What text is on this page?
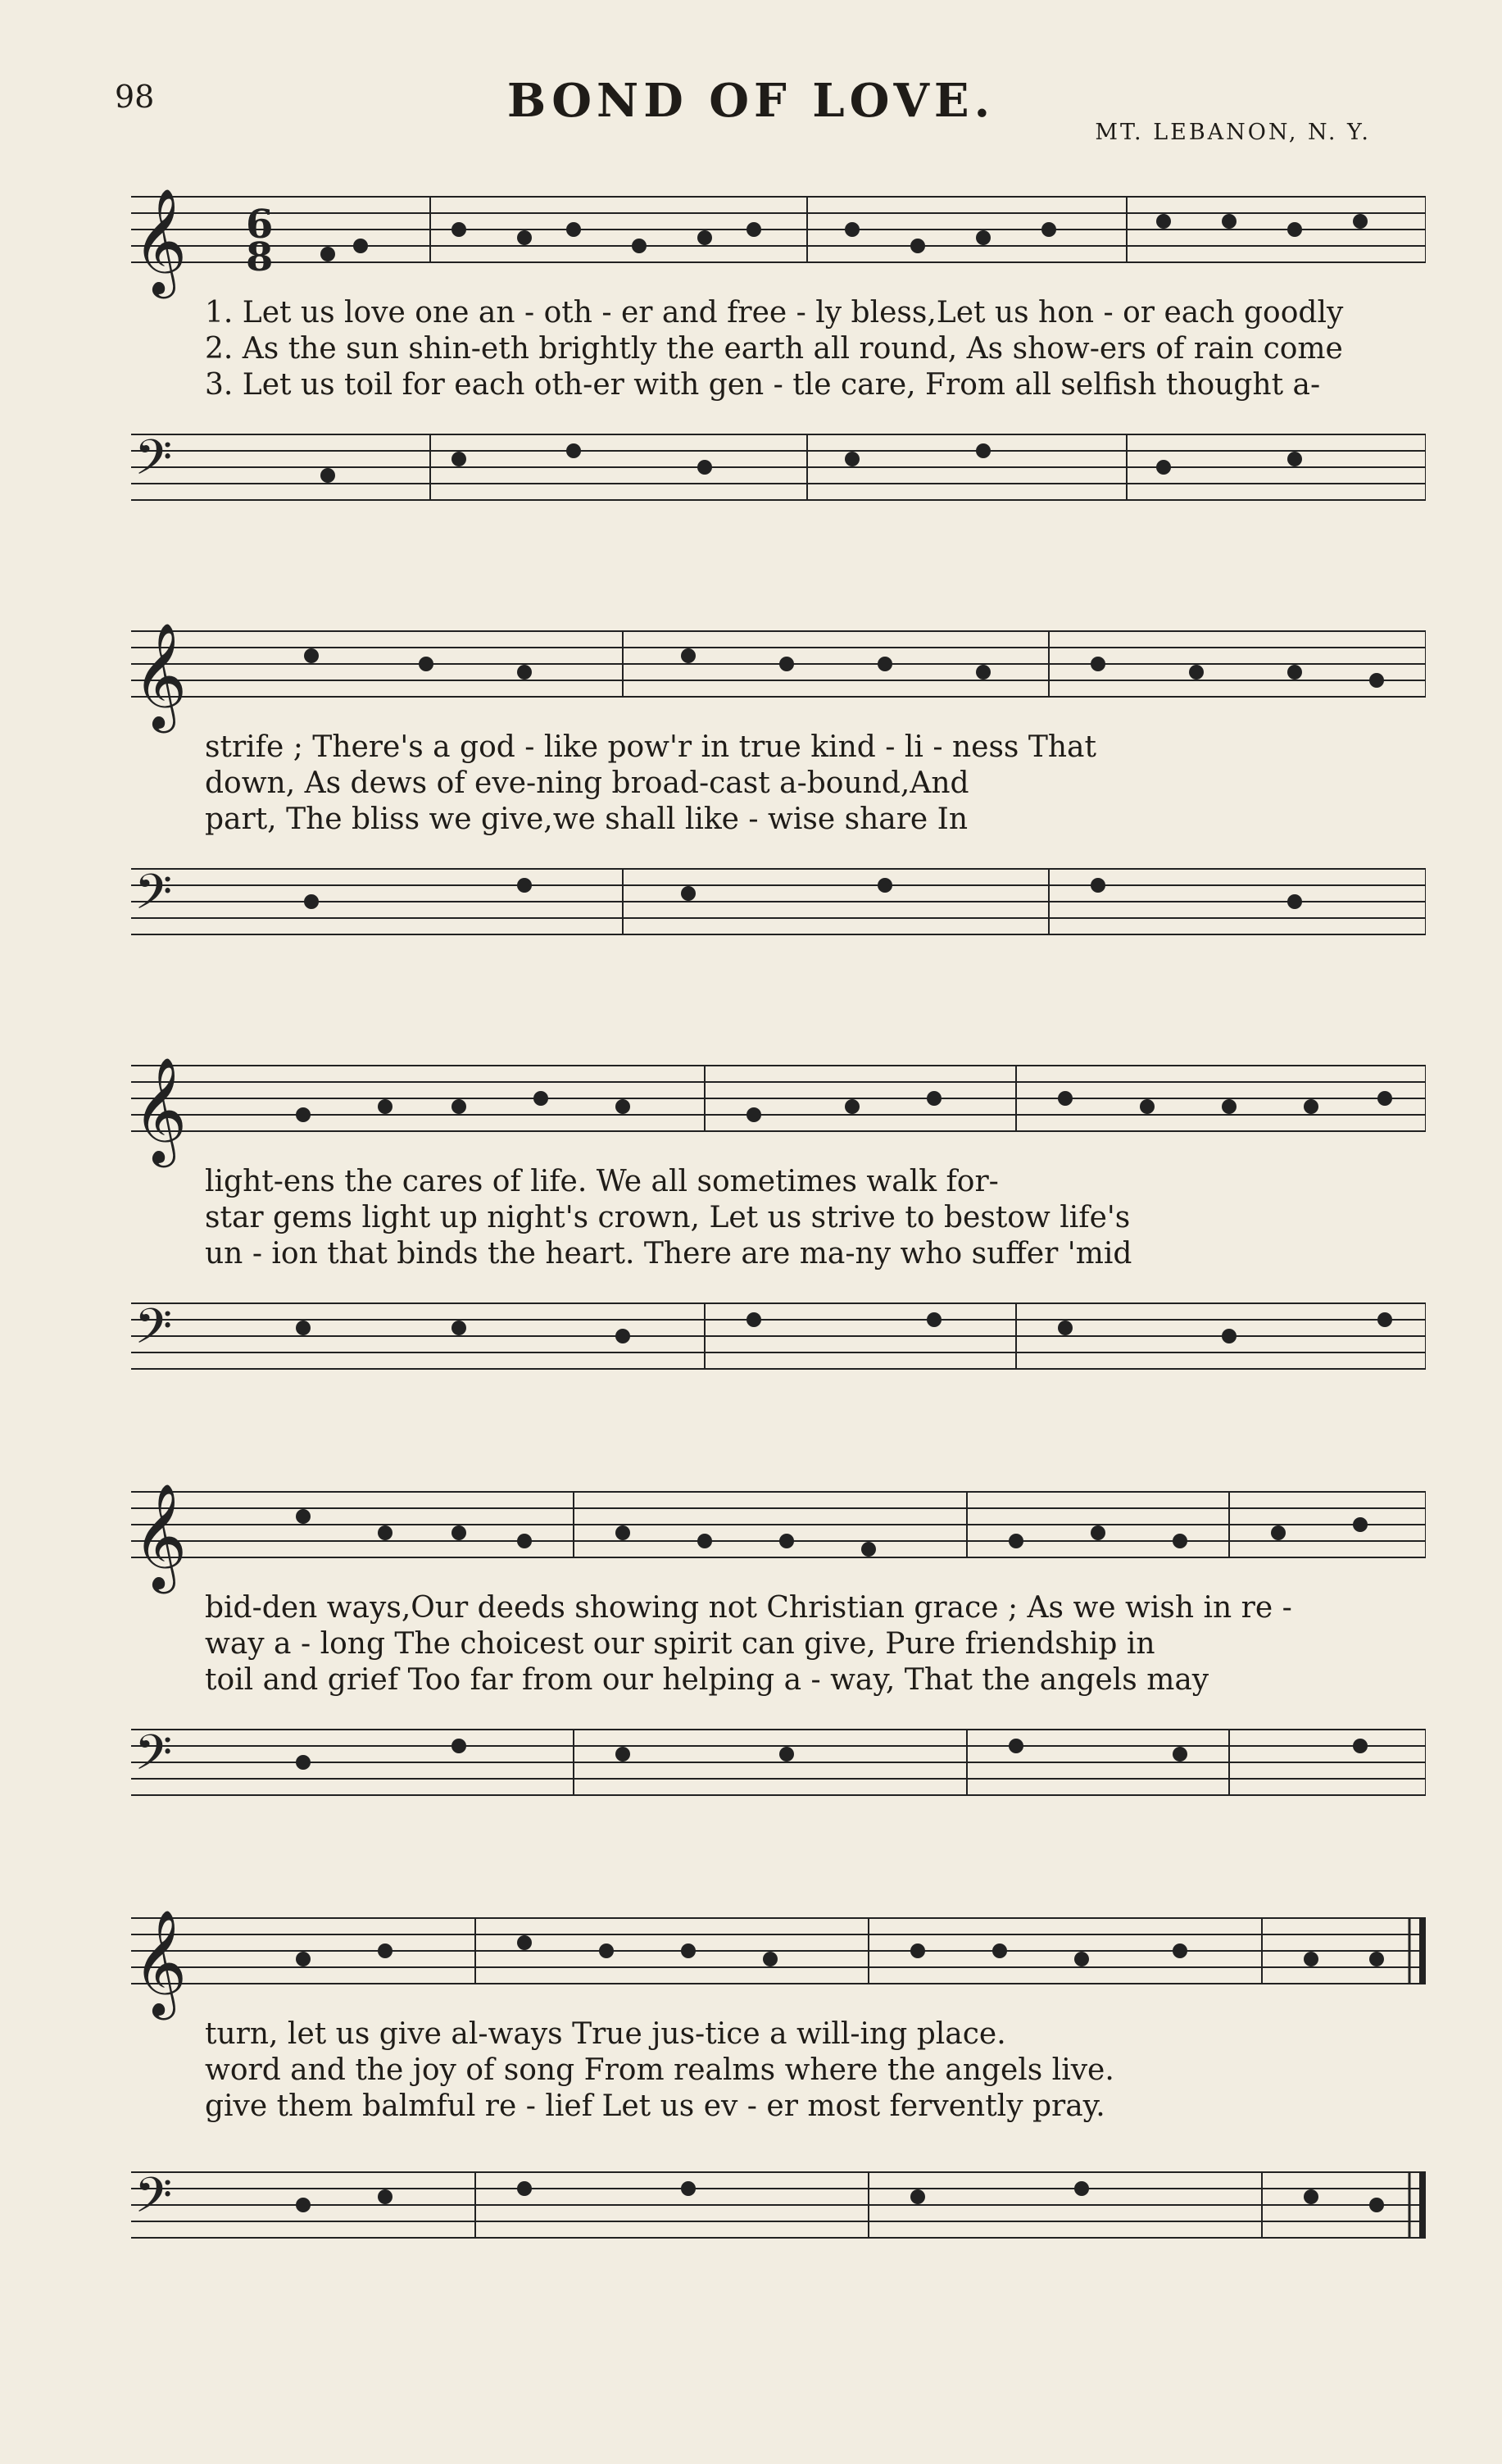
98	BOND OF LOVE.
MT. LEBANON, N. Y.
𝄞 6
8
1. Let us love one an - oth - er and free - ly bless,Let us hon - or each goodly
2. As the sun shin-eth brightly the earth all round, As show-ers of rain come
3. Let us toil for each oth-er with gen - tle care, From all selfish thought a-
𝄢
𝄞
strife ; There's a god - like pow'r in true kind - li - ness That
down, As dews of eve-ning broad-cast a-bound,And
part, The bliss we give,we shall like - wise share In
𝄢
𝄞
light-ens the cares of life. We all sometimes walk for-
star gems light up night's crown, Let us strive to bestow life's
un - ion that binds the heart. There are ma-ny who suffer 'mid
𝄢
𝄞
bid-den ways,Our deeds showing not Christian grace ; As we wish in re -
way a - long The choicest our spirit can give, Pure friendship in
toil and grief Too far from our helping a - way, That the angels may
𝄢
𝄞
turn, let us give al-ways True jus-tice a will-ing place.
word and the joy of song From realms where the angels live.
give them balmful re - lief Let us ev - er most fervently pray.
𝄢
